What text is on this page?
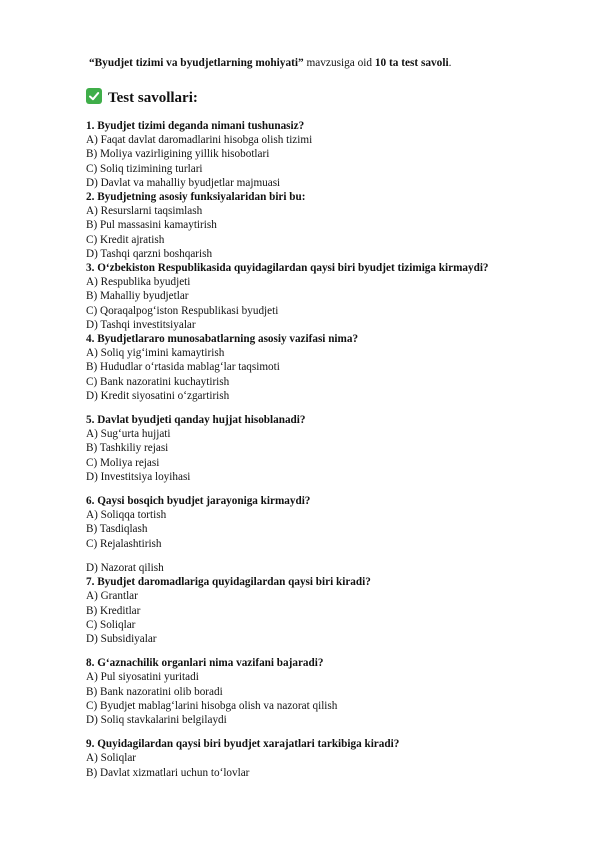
“Byudjet tizimi va byudjetlarning mohiyati” mavzusiga oid 10 ta test savoli.
Test savollari:
1. Byudjet tizimi deganda nimani tushunasiz?
A) Faqat davlat daromadlarini hisobga olish tizimi
B) Moliya vazirligining yillik hisobotlari
C) Soliq tizimining turlari
D) Davlat va mahalliy byudjetlar majmuasi
2. Byudjetning asosiy funksiyalaridan biri bu:
A) Resurslarni taqsimlash
B) Pul massasini kamaytirish
C) Kredit ajratish
D) Tashqi qarzni boshqarish
3. O‘zbekiston Respublikasida quyidagilardan qaysi biri byudjet tizimiga kirmaydi?
A) Respublika byudjeti
B) Mahalliy byudjetlar
C) Qoraqalpog‘iston Respublikasi byudjeti
D) Tashqi investitsiyalar
4. Byudjetlararo munosabatlarning asosiy vazifasi nima?
A) Soliq yig‘imini kamaytirish
B) Hududlar o‘rtasida mablag‘lar taqsimoti
C) Bank nazoratini kuchaytirish
D) Kredit siyosatini o‘zgartirish
5. Davlat byudjeti qanday hujjat hisoblanadi?
A) Sug‘urta hujjati
B) Tashkiliy rejasi
C) Moliya rejasi
D) Investitsiya loyihasi
6. Qaysi bosqich byudjet jarayoniga kirmaydi?
A) Soliqqa tortish
B) Tasdiqlash
C) Rejalashtirish
D) Nazorat qilish
7. Byudjet daromadlariga quyidagilardan qaysi biri kiradi?
A) Grantlar
B) Kreditlar
C) Soliqlar
D) Subsidiyalar
8. G‘aznachilik organlari nima vazifani bajaradi?
A) Pul siyosatini yuritadi
B) Bank nazoratini olib boradi
C) Byudjet mablag‘larini hisobga olish va nazorat qilish
D) Soliq stavkalarini belgilaydi
9. Quyidagilardan qaysi biri byudjet xarajatlari tarkibiga kiradi?
A) Soliqlar
B) Davlat xizmatlari uchun to‘lovlar
